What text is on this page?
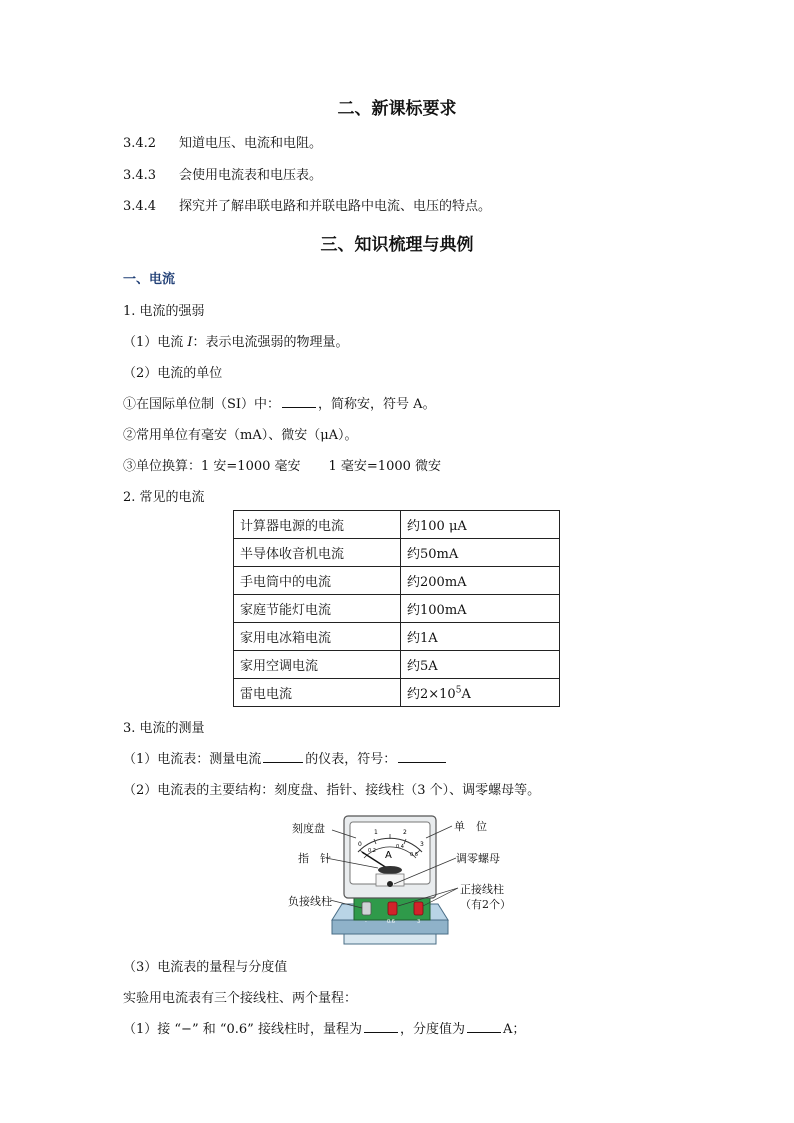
二、新课标要求
3.4.2 知道电压、电流和电阻。
3.4.3 会使用电流表和电压表。
3.4.4 探究并了解串联电路和并联电路中电流、电压的特点。
三、知识梳理与典例
一、电流
1. 电流的强弱
（1）电流 I：表示电流强弱的物理量。
（2）电流的单位
①在国际单位制（SI）中：	，简称安，符号 A。
②常用单位有毫安（mA）、微安（μA）。
③单位换算：1 安=1000 毫安 1 毫安=1000 微安
2. 常见的电流
计算器电源的电流	约100 μA
半导体收音机电流	约50mA
手电筒中的电流	约200mA
家庭节能灯电流	约100mA
家用电冰箱电流	约1A
家用空调电流	约5A
雷电电流	约$2\times 10^5A$
3. 电流的测量
（1）电流表：测量电流	的仪表，符号：
（2）电流表的主要结构：刻度盘、指针、接线柱（3 个）、调零螺母等。
刻度盘	单　位
指　针	调零螺母
负接线柱
正接线柱
（有2个）
0
1	2
3
0.2
0.4
0.6
A
-	0.6	3
（3）电流表的量程与分度值
实验用电流表有三个接线柱、两个量程：
（1）接 “−” 和 “0.6” 接线柱时，量程为	，分度值为	A；
